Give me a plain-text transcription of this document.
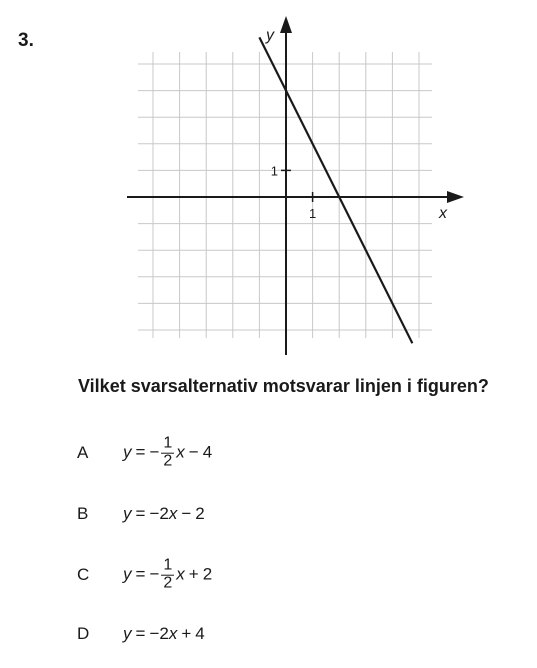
3.
x
y
1
1
Vilket svarsalternativ motsvarar linjen i figuren?
A y = − $\frac{1}{2}$ x − 4
B y = −2 x − 2
C y = − $\frac{1}{2}$ x + 2
D y = −2 x + 4
